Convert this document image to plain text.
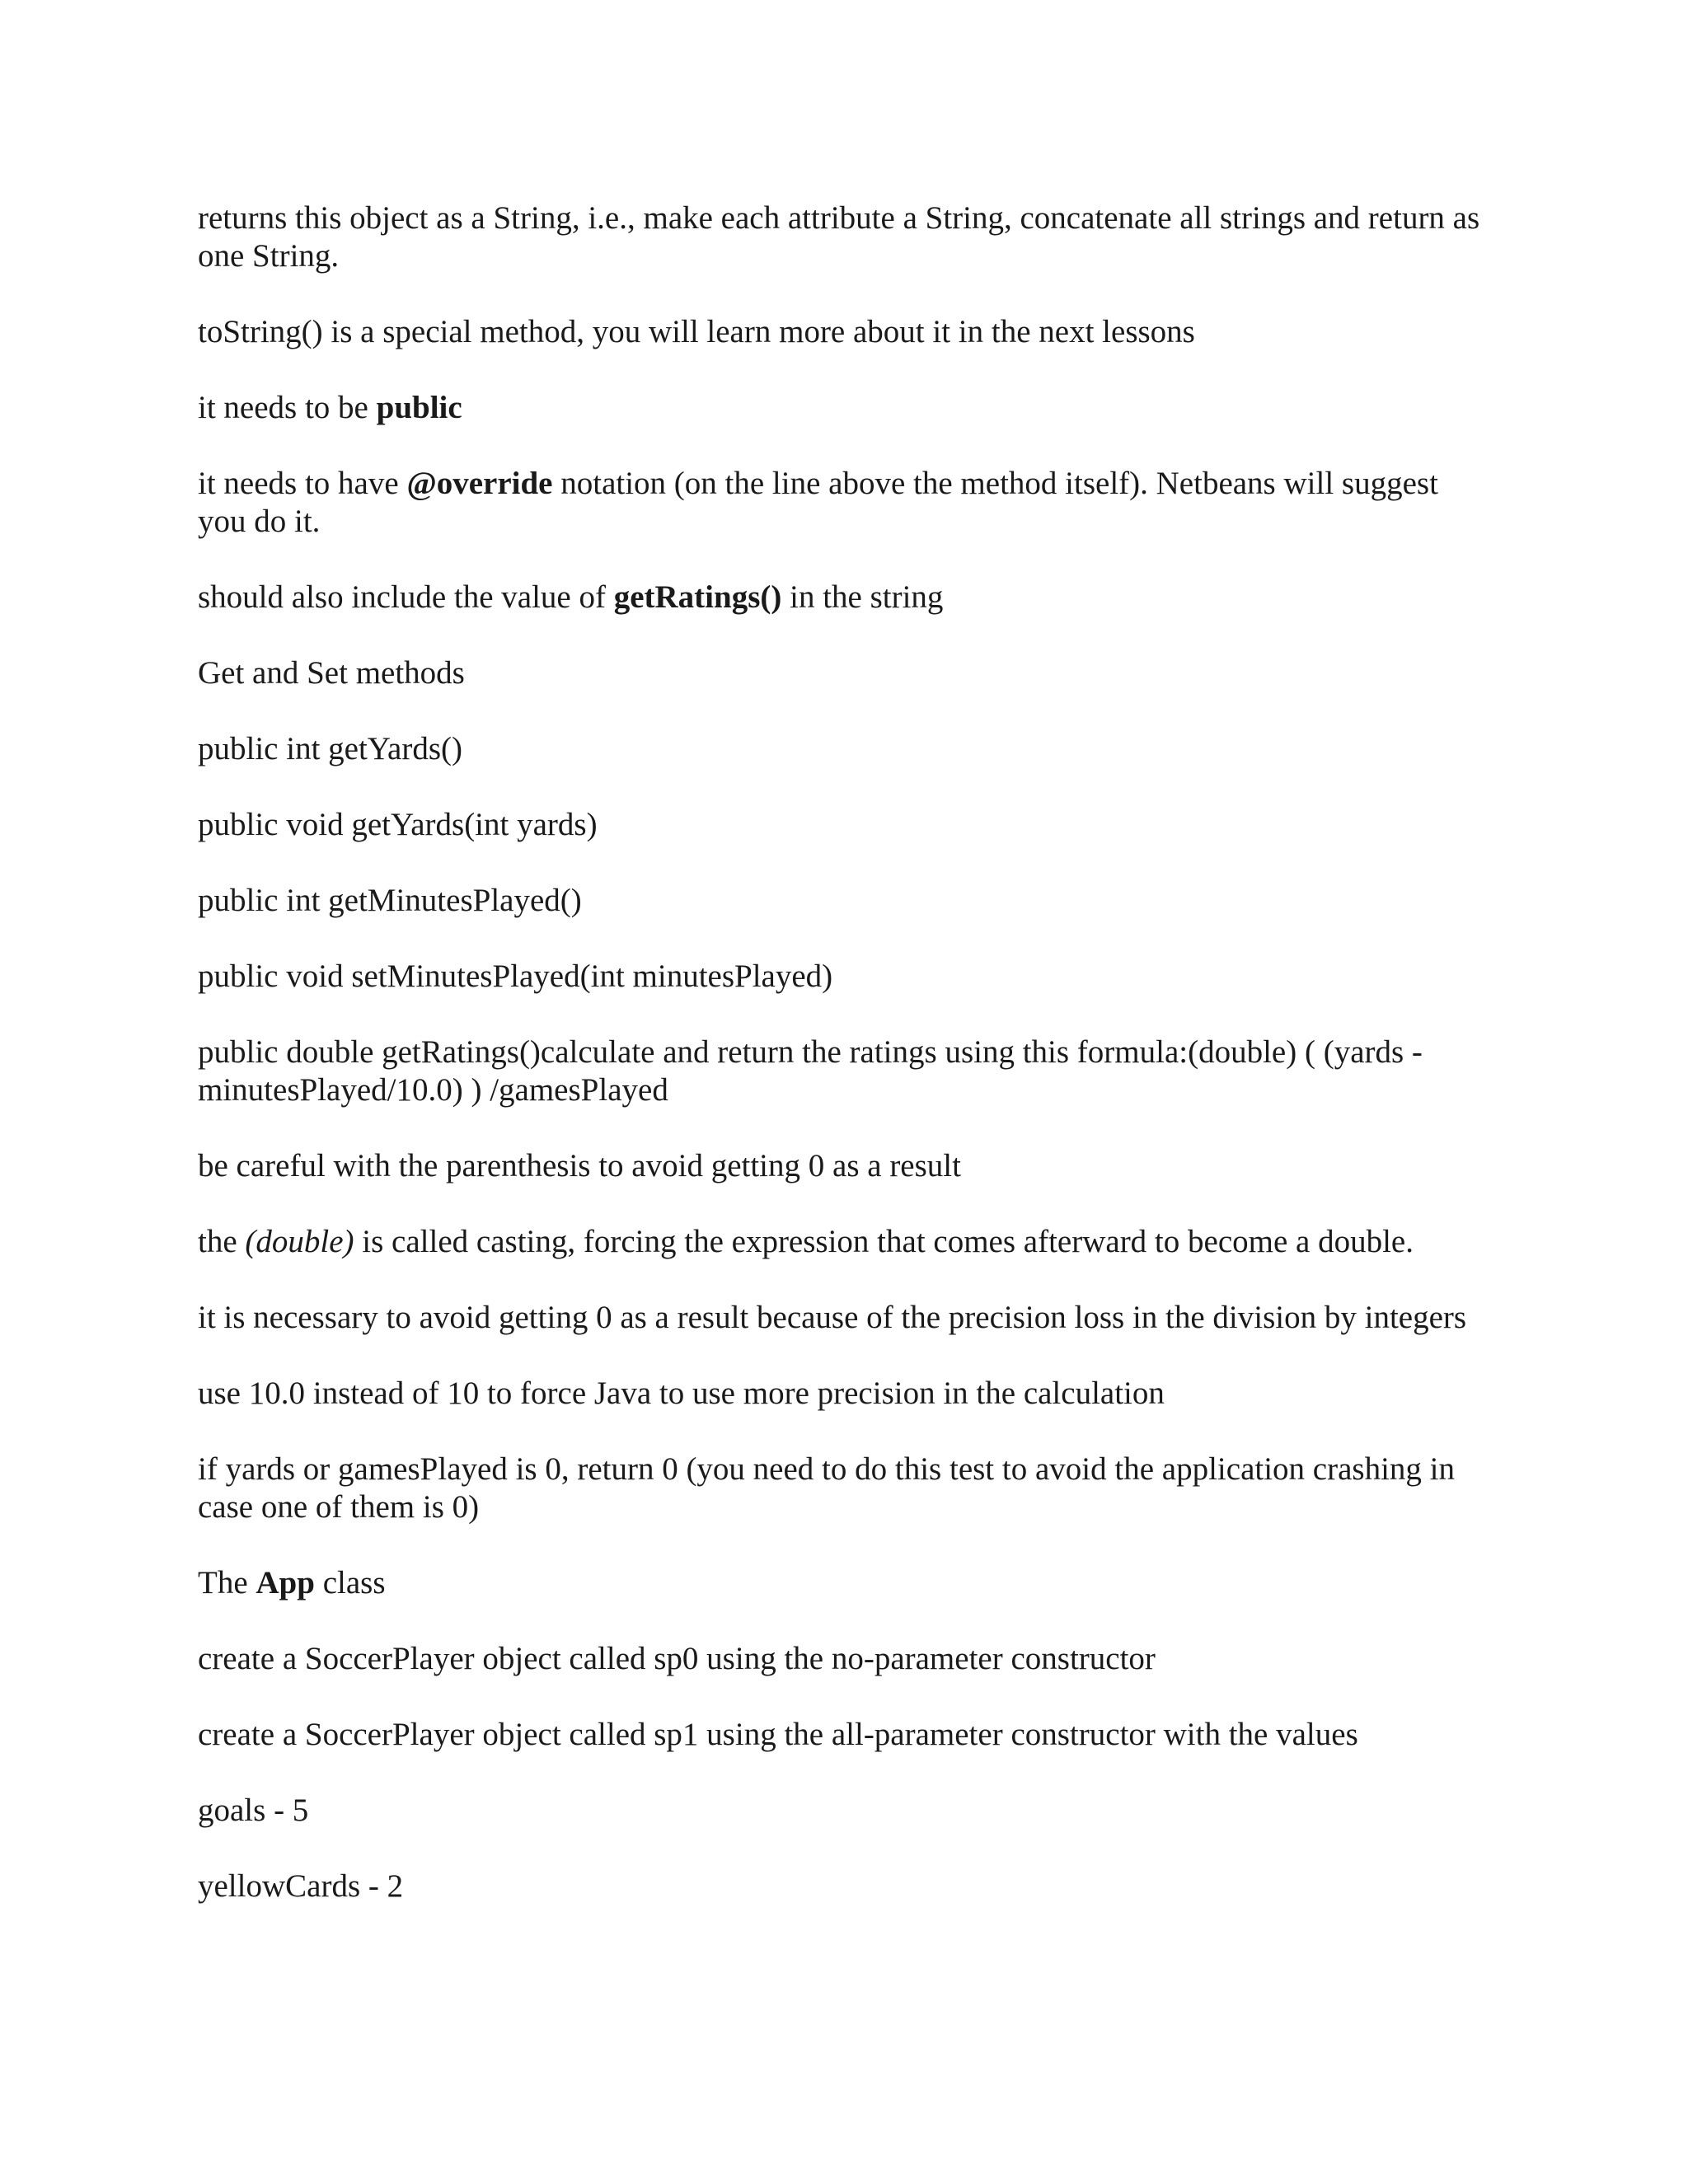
returns this object as a String, i.e., make each attribute a String, concatenate all strings and return as one String.

toString() is a special method, you will learn more about it in the next lessons

it needs to be public

it needs to have @override notation (on the line above the method itself). Netbeans will suggest you do it.

should also include the value of getRatings() in the string

Get and Set methods

public int getYards()

public void getYards(int yards)

public int getMinutesPlayed()

public void setMinutesPlayed(int minutesPlayed)

public double getRatings()calculate and return the ratings using this formula:(double) ( (yards - minutesPlayed/10.0) ) /gamesPlayed

be careful with the parenthesis to avoid getting 0 as a result

the (double) is called casting, forcing the expression that comes afterward to become a double.

it is necessary to avoid getting 0 as a result because of the precision loss in the division by integers

use 10.0 instead of 10 to force Java to use more precision in the calculation

if yards or gamesPlayed is 0, return 0 (you need to do this test to avoid the application crashing in case one of them is 0)

The App class

create a SoccerPlayer object called sp0 using the no-parameter constructor

create a SoccerPlayer object called sp1 using the all-parameter constructor with the values

goals - 5

yellowCards - 2
